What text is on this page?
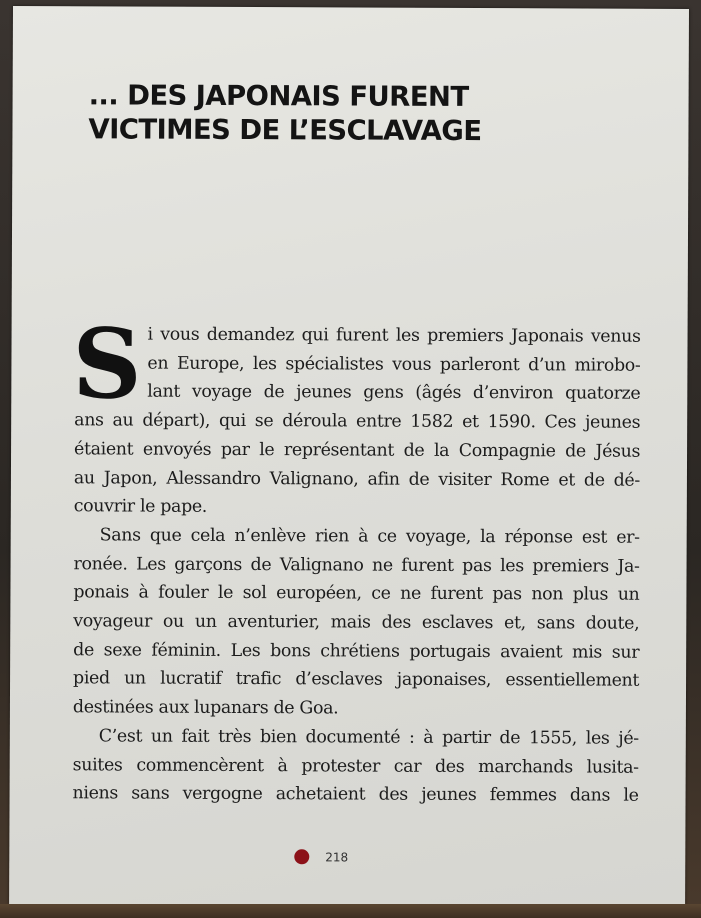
... DES JAPONAIS FURENT
VICTIMES DE L’ESCLAVAGE

S i vous demandez qui furent les premiers Japonais venus
en Europe, les spécialistes vous parleront d’un mirobo-
lant voyage de jeunes gens (âgés d’environ quatorze
ans au départ), qui se déroula entre 1582 et 1590. Ces jeunes
étaient envoyés par le représentant de la Compagnie de Jésus
au Japon, Alessandro Valignano, afin de visiter Rome et de dé-
couvrir le pape.

Sans que cela n’enlève rien à ce voyage, la réponse est er-
ronée. Les garçons de Valignano ne furent pas les premiers Ja-
ponais à fouler le sol européen, ce ne furent pas non plus un
voyageur ou un aventurier, mais des esclaves et, sans doute,
de sexe féminin. Les bons chrétiens portugais avaient mis sur
pied un lucratif trafic d’esclaves japonaises, essentiellement
destinées aux lupanars de Goa.

C’est un fait très bien documenté : à partir de 1555, les jé-
suites commencèrent à protester car des marchands lusita-
niens sans vergogne achetaient des jeunes femmes dans le

218
